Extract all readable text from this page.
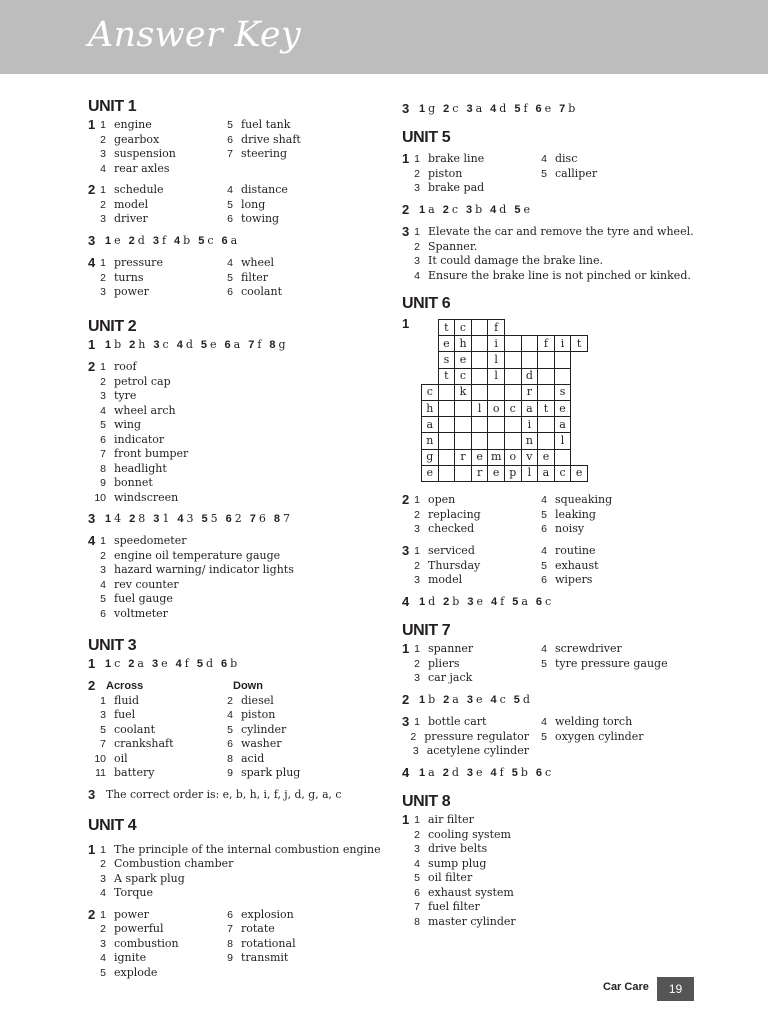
Answer Key
UNIT 1
1 1 engine
2 gearbox
3 suspension
4 rear axles
5 fuel tank
6 drive shaft
7 steering
2 1 schedule
2 model
3 driver
4 distance
5 long
6 towing
3 1 e 2 d 3 f 4 b 5 c 6 a
4 1 pressure
2 turns
3 power
4 wheel
5 filter
6 coolant
UNIT 2
1 1 b 2 h 3 c 4 d 5 e 6 a 7 f 8 g
2 1 roof
2 petrol cap
3 tyre
4 wheel arch
5 wing
6 indicator
7 front bumper
8 headlight
9 bonnet
10 windscreen
3 1 4 2 8 3 1 4 3 5 5 6 2 7 6 8 7
4 1 speedometer
2 engine oil temperature gauge
3 hazard warning/ indicator lights
4 rev counter
5 fuel gauge
6 voltmeter
UNIT 3
1 1 c 2 a 3 e 4 f 5 d 6 b
2 Across
1 fluid
3 fuel
5 coolant
7 crankshaft
10 oil
11 battery
Down
2 diesel
4 piston
5 cylinder
6 washer
8 acid
9 spark plug
3 The correct order is: e, b, h, i, f, j, d, g, a, c
UNIT 4
1 1 The principle of the internal combustion engine
2 Combustion chamber
3 A spark plug
4 Torque
2 1 power
2 powerful
3 combustion
4 ignite
5 explode
6 explosion
7 rotate
8 rotational
9 transmit
3 1 g 2 c 3 a 4 d 5 f 6 e 7 b
UNIT 5
1 1 brake line
2 piston
3 brake pad
4 disc
5 calliper
2 1 a 2 c 3 b 4 d 5 e
3 1 Elevate the car and remove the tyre and wheel.
2 Spanner.
3 It could damage the brake line.
4 Ensure the brake line is not pinched or kinked.
UNIT 6
1
2 1 open
2 replacing
3 checked
4 squeaking
5 leaking
6 noisy
3 1 serviced
2 Thursday
3 model
4 routine
5 exhaust
6 wipers
4 1 d 2 b 3 e 4 f 5 a 6 c
UNIT 7
1 1 spanner
2 pliers
3 car jack
4 screwdriver
5 tyre pressure gauge
2 1 b 2 a 3 e 4 c 5 d
3 1 bottle cart
2 pressure regulator
3 acetylene cylinder
4 welding torch
5 oxygen cylinder
4 1 a 2 d 3 e 4 f 5 b 6 c
UNIT 8
1 1 air filter
2 cooling system
3 drive belts
4 sump plug
5 oil filter
6 exhaust system
7 fuel filter
8 master cylinder
	t	c		f					
	e	h		i			f	i	t
	s	e		l					
	t	c		l		d			
c		k				r		s	
h			l	o	c	a	t	e	
a						i		a	
n						n		l	
g		r	e	m	o	v	e		
e			r	e	p	l	a	c	e
Car Care	19
